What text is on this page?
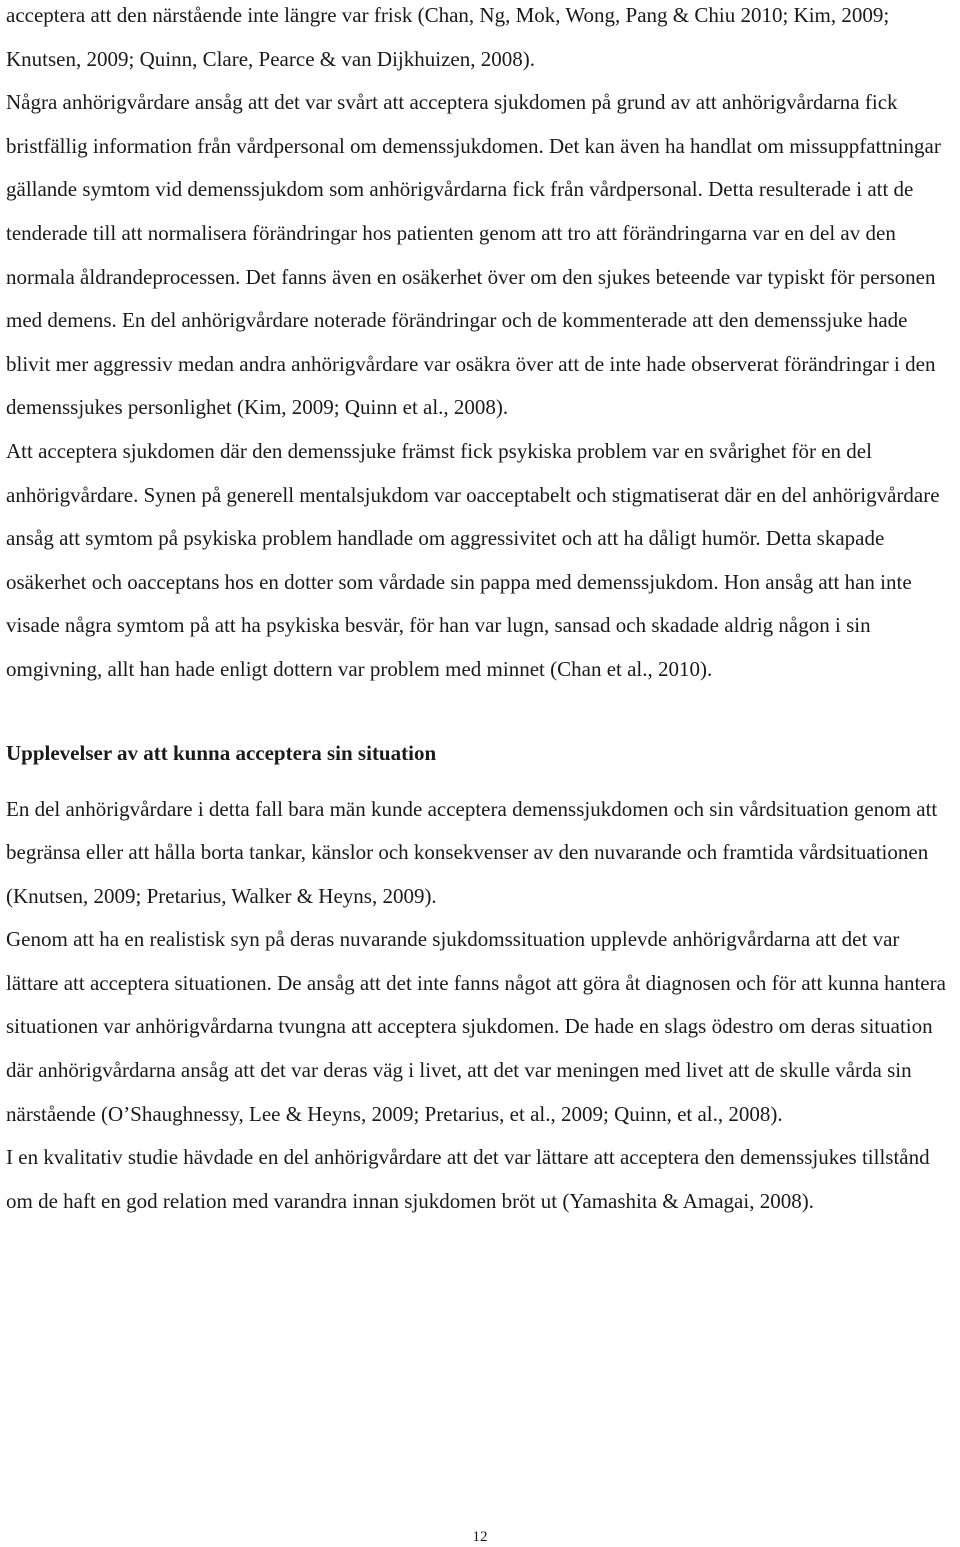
acceptera att den närstående inte längre var frisk (Chan, Ng, Mok, Wong, Pang & Chiu 2010; Kim, 2009; Knutsen, 2009; Quinn, Clare, Pearce & van Dijkhuizen, 2008).

Några anhörigvårdare ansåg att det var svårt att acceptera sjukdomen på grund av att anhörigvårdarna fick bristfällig information från vårdpersonal om demenssjukdomen. Det kan även ha handlat om missuppfattningar gällande symtom vid demenssjukdom som anhörigvårdarna fick från vårdpersonal. Detta resulterade i att de tenderade till att normalisera förändringar hos patienten genom att tro att förändringarna var en del av den normala åldrandeprocessen. Det fanns även en osäkerhet över om den sjukes beteende var typiskt för personen med demens. En del anhörigvårdare noterade förändringar och de kommenterade att den demenssjuke hade blivit mer aggressiv medan andra anhörigvårdare var osäkra över att de inte hade observerat förändringar i den demenssjukes personlighet (Kim, 2009; Quinn et al., 2008).

Att acceptera sjukdomen där den demenssjuke främst fick psykiska problem var en svårighet för en del anhörigvårdare. Synen på generell mentalsjukdom var oacceptabelt och stigmatiserat där en del anhörigvårdare ansåg att symtom på psykiska problem handlade om aggressivitet och att ha dåligt humör. Detta skapade osäkerhet och oacceptans hos en dotter som vårdade sin pappa med demenssjukdom. Hon ansåg att han inte visade några symtom på att ha psykiska besvär, för han var lugn, sansad och skadade aldrig någon i sin omgivning, allt han hade enligt dottern var problem med minnet (Chan et al., 2010).

Upplevelser av att kunna acceptera sin situation

En del anhörigvårdare i detta fall bara män kunde acceptera demenssjukdomen och sin vårdsituation genom att begränsa eller att hålla borta tankar, känslor och konsekvenser av den nuvarande och framtida vårdsituationen (Knutsen, 2009; Pretarius, Walker & Heyns, 2009).

Genom att ha en realistisk syn på deras nuvarande sjukdomssituation upplevde anhörigvårdarna att det var lättare att acceptera situationen. De ansåg att det inte fanns något att göra åt diagnosen och för att kunna hantera situationen var anhörigvårdarna tvungna att acceptera sjukdomen. De hade en slags ödestro om deras situation där anhörigvårdarna ansåg att det var deras väg i livet, att det var meningen med livet att de skulle vårda sin närstående (O’Shaughnessy, Lee & Heyns, 2009; Pretarius, et al., 2009; Quinn, et al., 2008).

I en kvalitativ studie hävdade en del anhörigvårdare att det var lättare att acceptera den demenssjukes tillstånd om de haft en god relation med varandra innan sjukdomen bröt ut (Yamashita & Amagai, 2008).

12
